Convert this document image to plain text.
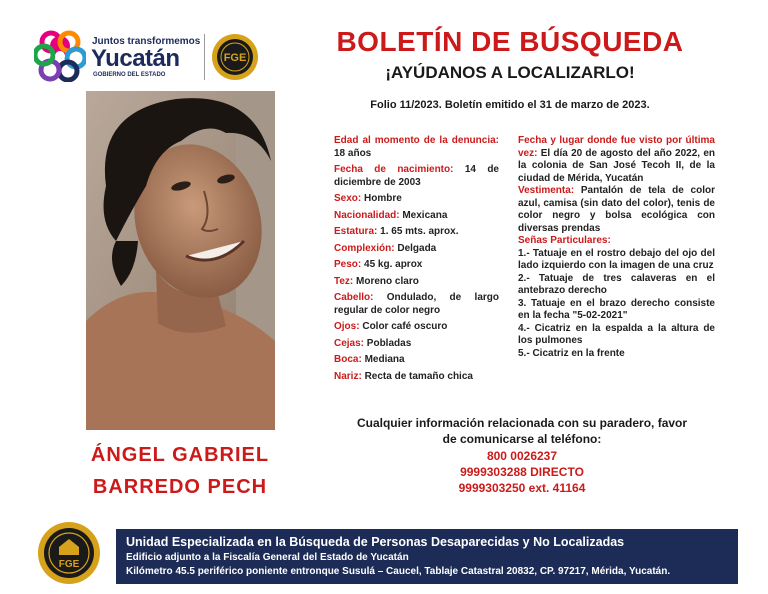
Juntos transformemos
Yucatán
GOBIERNO DEL ESTADO
FGE
BOLETÍN DE BÚSQUEDA
¡AYÚDANOS A LOCALIZARLO!
Folio 11/2023. Boletín emitido el 31 de marzo de 2023.
ÁNGEL GABRIEL
BARREDO PECH
Edad al momento de la denuncia: 18 años
Fecha de nacimiento: 14 de diciembre de 2003
Sexo: Hombre
Nacionalidad: Mexicana
Estatura: 1. 65 mts. aprox.
Complexión: Delgada
Peso: 45 kg. aprox
Tez: Moreno claro
Cabello: Ondulado, de largo regular de color negro
Ojos: Color café oscuro
Cejas: Pobladas
Boca: Mediana
Nariz: Recta de tamaño chica
Fecha y lugar donde fue visto por última vez: El día 20 de agosto del año 2022, en la colonia de San José Tecoh II, de la ciudad de Mérida, Yucatán
Vestimenta: Pantalón de tela de color azul, camisa (sin dato del color), tenis de color negro y bolsa ecológica con diversas prendas
Señas Particulares:
1.- Tatuaje en el rostro debajo del ojo del lado izquierdo con la imagen de una cruz
2.- Tatuaje de tres calaveras en el antebrazo derecho
3. Tatuaje en el brazo derecho consiste en la fecha "5-02-2021"
4.- Cicatriz en la espalda a la altura de los pulmones
5.- Cicatriz en la frente
Cualquier información relacionada con su paradero, favor
de comunicarse al teléfono:
800 0026237
9999303288 DIRECTO
9999303250 ext. 41164
FGE
Unidad Especializada en la Búsqueda de Personas Desaparecidas y No Localizadas
Edificio adjunto a la Fiscalía General del Estado de Yucatán
Kilómetro 45.5 periférico poniente entronque Susulá – Caucel, Tablaje Catastral 20832, CP. 97217, Mérida, Yucatán.
